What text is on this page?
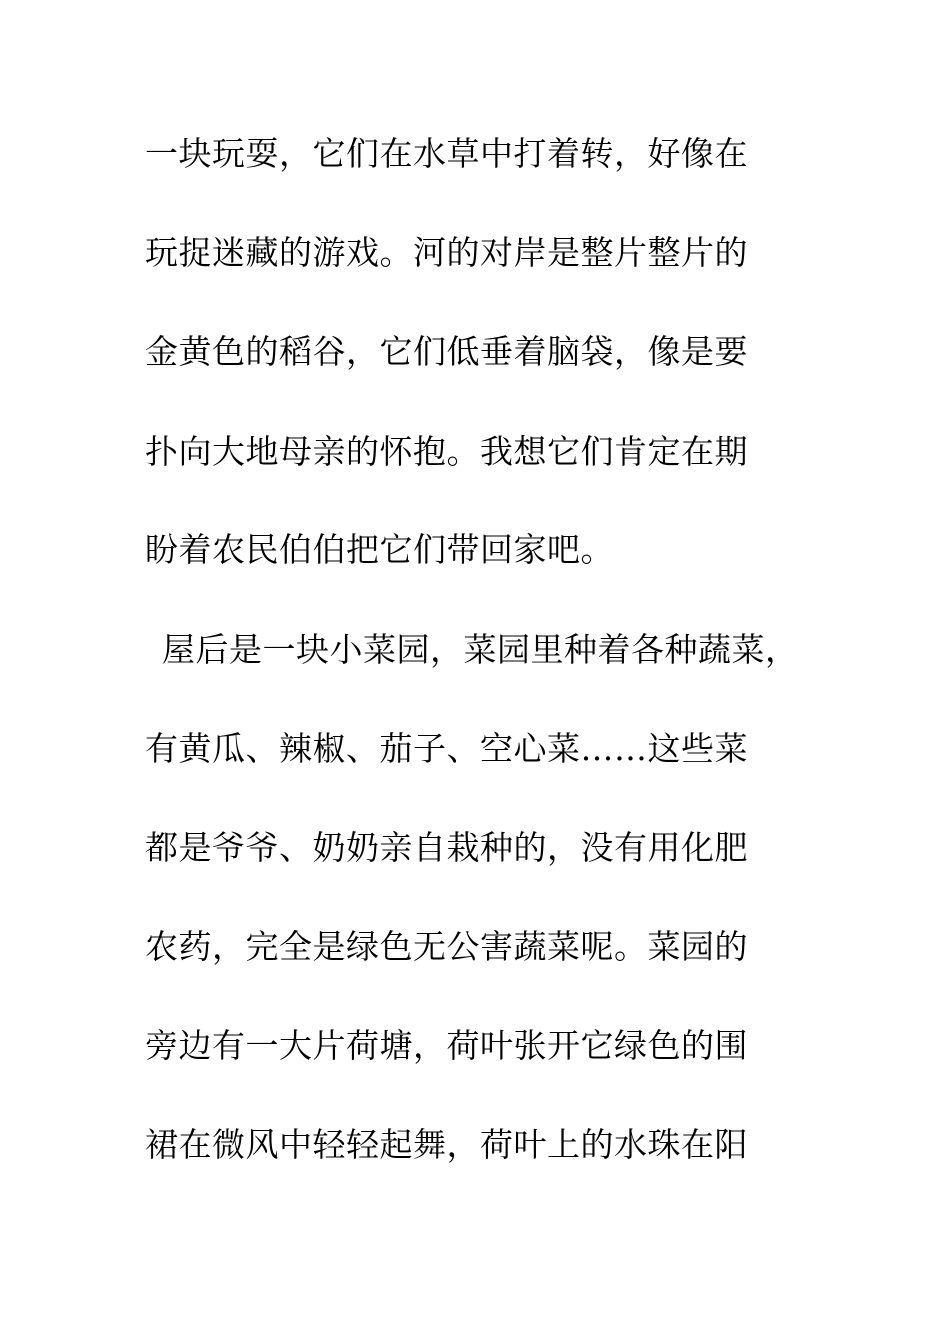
一块玩耍，它们在水草中打着转，好像在
玩捉迷藏的游戏。河的对岸是整片整片的
金黄色的稻谷，它们低垂着脑袋，像是要
扑向大地母亲的怀抱。我想它们肯定在期
盼着农民伯伯把它们带回家吧。
屋后是一块小菜园，菜园里种着各种蔬菜，
有黄瓜、辣椒、茄子、空心菜……这些菜
都是爷爷、奶奶亲自栽种的，没有用化肥
农药，完全是绿色无公害蔬菜呢。菜园的
旁边有一大片荷塘，荷叶张开它绿色的围
裙在微风中轻轻起舞，荷叶上的水珠在阳
